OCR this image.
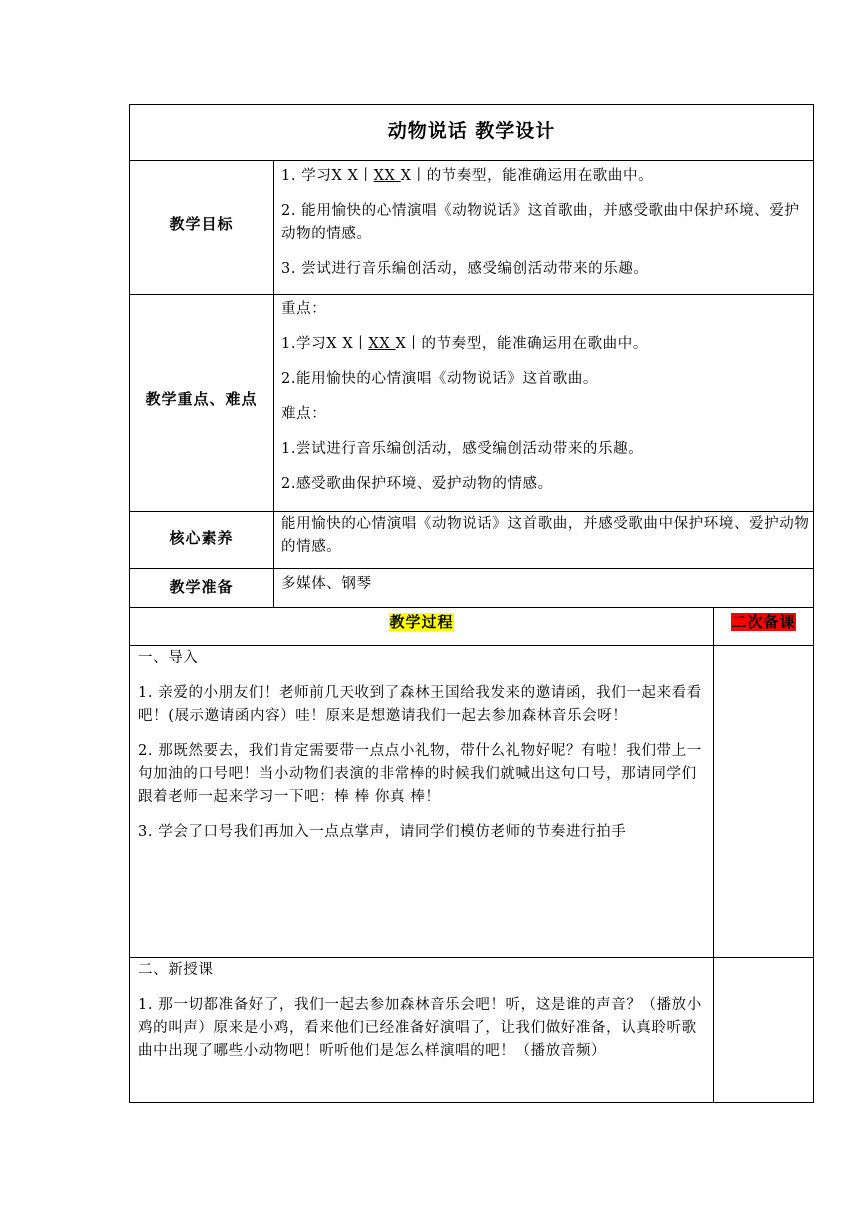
动物说话 教学设计
教学目标

1. 学习X X丨XX X丨的节奏型，能准确运用在歌曲中。

2. 能用愉快的心情演唱《动物说话》这首歌曲，并感受歌曲中保护环境、爱护动物的情感。

3. 尝试进行音乐编创活动，感受编创活动带来的乐趣。

教学重点、难点

重点：

1.学习X X丨XX X丨的节奏型，能准确运用在歌曲中。

2.能用愉快的心情演唱《动物说话》这首歌曲。

难点：

1.尝试进行音乐编创活动，感受编创活动带来的乐趣。

2.感受歌曲保护环境、爱护动物的情感。

核心素养
能用愉快的心情演唱《动物说话》这首歌曲，并感受歌曲中保护环境、爱护动物的情感。
教学准备	多媒体、钢琴
教学过程	二次备课

一、导入

1. 亲爱的小朋友们！老师前几天收到了森林王国给我发来的邀请函，我们一起来看看吧！(展示邀请函内容）哇！原来是想邀请我们一起去参加森林音乐会呀！

2. 那既然要去，我们肯定需要带一点点小礼物，带什么礼物好呢？有啦！我们带上一句加油的口号吧！当小动物们表演的非常棒的时候我们就喊出这句口号，那请同学们跟着老师一起来学习一下吧：棒 棒 你真 棒！

3. 学会了口号我们再加入一点点掌声，请同学们模仿老师的节奏进行拍手

二、新授课

1. 那一切都准备好了，我们一起去参加森林音乐会吧！听，这是谁的声音？（播放小鸡的叫声）原来是小鸡，看来他们已经准备好演唱了，让我们做好准备，认真聆听歌曲中出现了哪些小动物吧！听听他们是怎么样演唱的吧！（播放音频）
